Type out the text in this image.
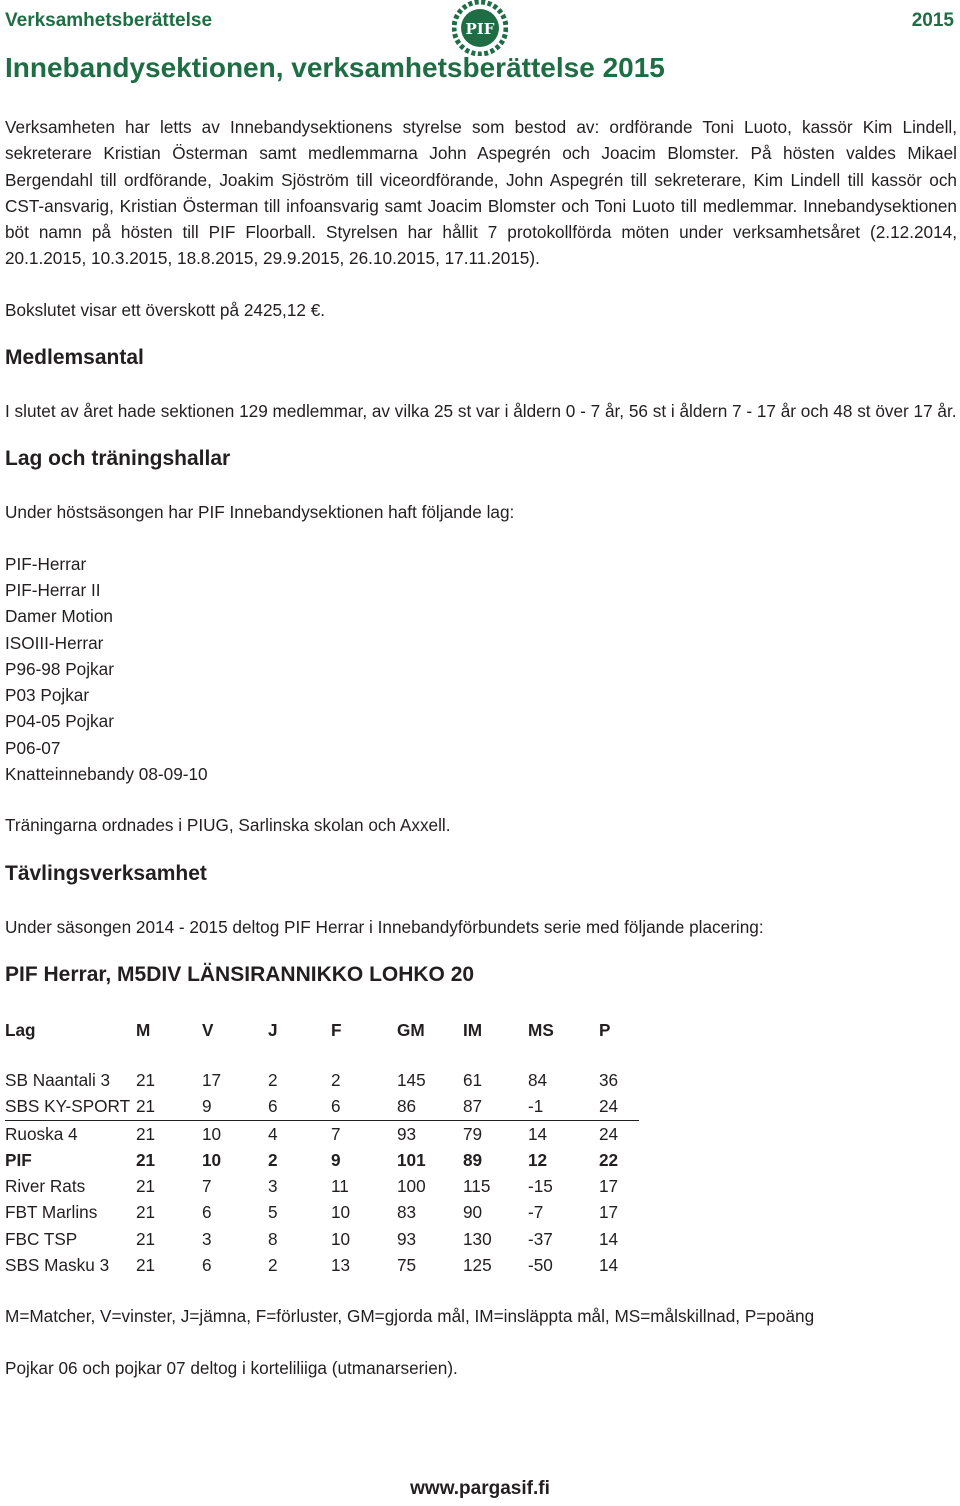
Verksamhetsberättelse	PIF	2015
Innebandysektionen, verksamhetsberättelse 2015

Verksamheten har letts av Innebandysektionens styrelse som bestod av: ordförande Toni Luoto, kassör Kim Lindell, sekreterare Kristian Österman samt medlemmarna John Aspegrén och Joacim Blomster. På hösten valdes Mikael Bergendahl till ordförande, Joakim Sjöström till viceordförande, John Aspegrén till sekreterare, Kim Lindell till kassör och CST-ansvarig, Kristian Österman till infoansvarig samt Joacim Blomster och Toni Luoto till medlemmar. Innebandysektionen böt namn på hösten till PIF Floorball. Styrelsen har hållit 7 protokollförda möten under verksamhetsåret (2.12.2014, 20.1.2015, 10.3.2015, 18.8.2015, 29.9.2015, 26.10.2015, 17.11.2015).

Bokslutet visar ett överskott på 2425,12 €.

Medlemsantal

I slutet av året hade sektionen 129 medlemmar, av vilka 25 st var i åldern 0 - 7 år, 56 st i åldern 7 - 17 år och 48 st över 17 år.

Lag och träningshallar

Under höstsäsongen har PIF Innebandysektionen haft följande lag:

PIF-Herrar
PIF-Herrar II
Damer Motion
ISOIII-Herrar
P96-98 Pojkar
P03 Pojkar
P04-05 Pojkar
P06-07
Knatteinnebandy 08-09-10

Träningarna ordnades i PIUG, Sarlinska skolan och Axxell.

Tävlingsverksamhet

Under säsongen 2014 - 2015 deltog PIF Herrar i Innebandyförbundets serie med följande placering:

PIF Herrar, M5DIV LÄNSIRANNIKKO LOHKO 20
Lag	M	V	J	F	GM	IM	MS	P

SB Naantali 3	21	17	2	2	145	61	84	36
SBS KY-SPORT	21	9	6	6	86	87	-1	24
Ruoska 4	21	10	4	7	93	79	14	24
PIF	21	10	2	9	101	89	12	22
River Rats	21	7	3	11	100	115	-15	17
FBT Marlins	21	6	5	10	83	90	-7	17
FBC TSP	21	3	8	10	93	130	-37	14
SBS Masku 3	21	6	2	13	75	125	-50	14

M=Matcher, V=vinster, J=jämna, F=förluster, GM=gjorda mål, IM=insläppta mål, MS=målskillnad, P=poäng

Pojkar 06 och pojkar 07 deltog i korteliliiga (utmanarserien).

www.pargasif.fi
